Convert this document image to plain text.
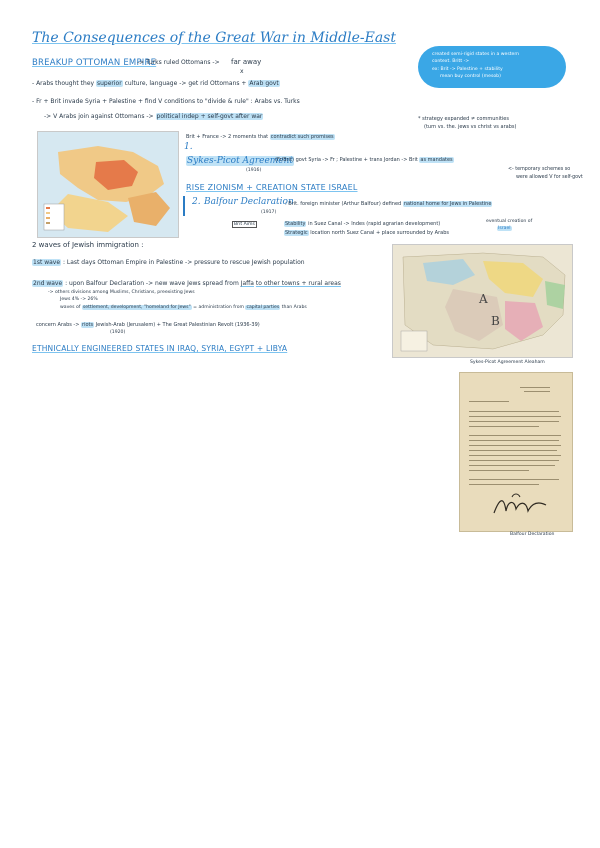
The Consequences of the Great War in Middle-East
created semi-rigid states in a western
context. Britt ->
ex: Brit -> Palestine + stability
mean buy control (mesob)
BREAKUP OTTOMAN EMPIRE
-> Turks ruled Ottomans -> far away
x
- Arabs thought they superior culture, language -> get rid Ottomans + Arab govt
- Fr + Brit invade Syria + Palestine + find V conditions to "divide & rule" : Arabs vs. Turks
-> V Arabs join against Ottomans -> political indep + self-govt after war	* strategy expanded ≠ communities
(turn vs. the. jews vs christ vs arabs)
Brit + France -> 2 moments that contradict such promises
1.
Sykes-Picot Agreement
(1916)
(Fr/Brit) govt Syria -> Fr ; Palestine + trans Jordan -> Brit as mandates
<- temporary schemes so
were allowed V for self-govt
RISE ZIONISM + CREATION STATE ISRAEL
2. Balfour Declaration
(1917)
: Brit. foreign minister (Arthur Balfour) defined national home for Jews in Palestine
Brit Aims	Stability in Suez Canal -> Indes (rapid agrarian development)
Strategic location north Suez Canal + place surrounded by Arabs
eventual creation of
Israel
A
B
Sykes-Picot Agreement Aleaham
2 waves of Jewish immigration :
1st wave : Last days Ottoman Empire in Palestine -> pressure to rescue Jewish population
2nd wave : upon Balfour Declaration -> new wave Jews spread from Jaffa to other towns + rural areas
-> others divisions among Muslims, Christians, preexisting Jews
Jews 4% -> 26%
waves of settlement, development, "homeland for Jews" = administration from capital parties than Arabs
concern Arabs -> riots Jewish-Arab (Jerusalem) + The Great Palestinian Revolt (1936-39)
(1920)
ETHNICALLY ENGINEERED STATES IN IRAQ, SYRIA, EGYPT + LIBYA
Balfour Declaration
